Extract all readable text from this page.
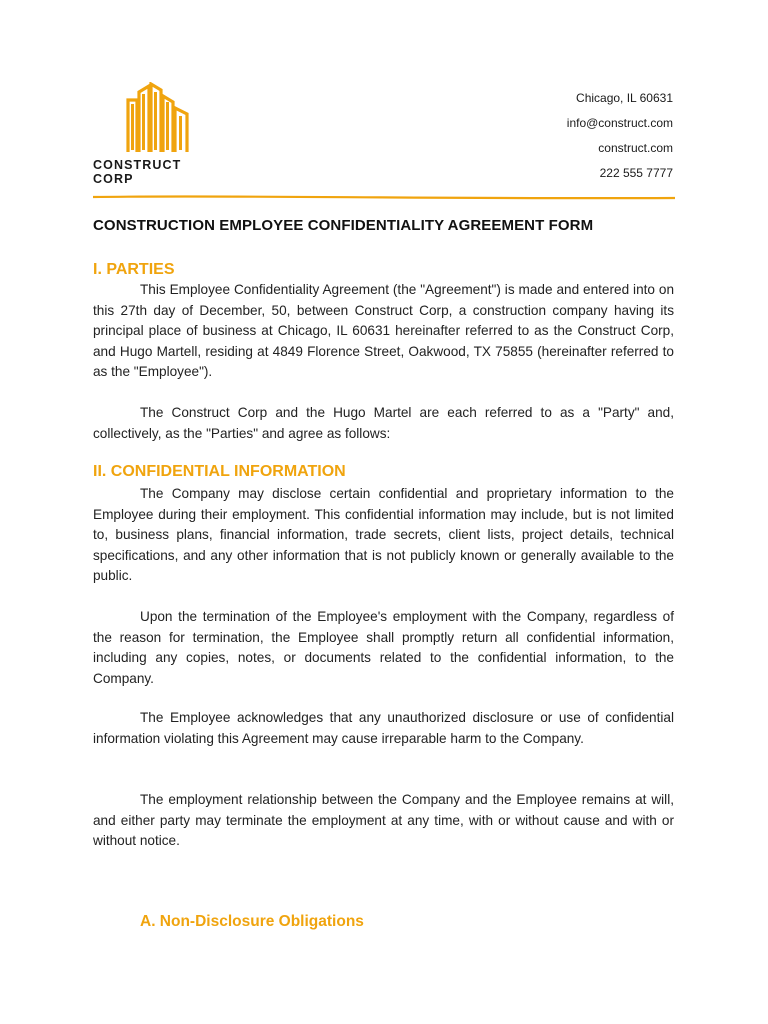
CONSTRUCT CORP
Chicago, IL 60631
info@construct.com
construct.com
222 555 7777
CONSTRUCTION EMPLOYEE CONFIDENTIALITY AGREEMENT FORM
I. PARTIES

This Employee Confidentiality Agreement (the "Agreement") is made and entered into on this 27th day of December, 50, between Construct Corp, a construction company having its principal place of business at Chicago, IL 60631 hereinafter referred to as the Construct Corp, and Hugo Martell, residing at 4849 Florence Street, Oakwood, TX 75855 (hereinafter referred to as the "Employee").

The Construct Corp and the Hugo Martel are each referred to as a "Party" and, collectively, as the "Parties" and agree as follows:

II. CONFIDENTIAL INFORMATION

The Company may disclose certain confidential and proprietary information to the Employee during their employment. This confidential information may include, but is not limited to, business plans, financial information, trade secrets, client lists, project details, technical specifications, and any other information that is not publicly known or generally available to the public.

Upon the termination of the Employee's employment with the Company, regardless of the reason for termination, the Employee shall promptly return all confidential information, including any copies, notes, or documents related to the confidential information, to the Company.

The Employee acknowledges that any unauthorized disclosure or use of confidential information violating this Agreement may cause irreparable harm to the Company.

The employment relationship between the Company and the Employee remains at will, and either party may terminate the employment at any time, with or without cause and with or without notice.

A. Non-Disclosure Obligations
